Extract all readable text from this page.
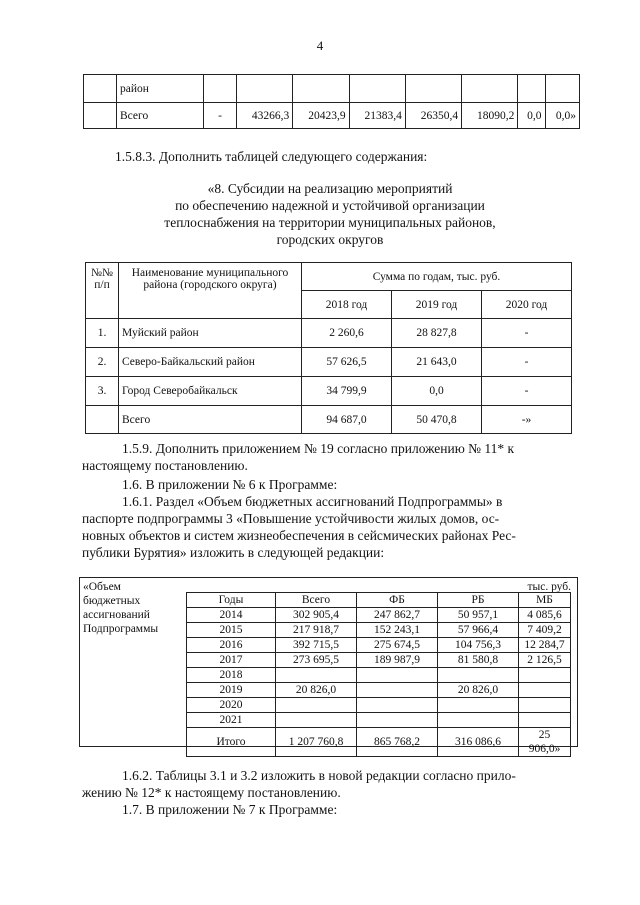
4
	район								
	Всего	-	43266,3	20423,9	21383,4	26350,4	18090,2	0,0	0,0»
1.5.8.3. Дополнить таблицей следующего содержания:
«8. Субсидии на реализацию мероприятий
по обеспечению надежной и устойчивой организации
теплоснабжения на территории муниципальных районов,
городских округов
№№ п/п	Наименование муниципального района (городского округа)	Сумма по годам, тыс. руб.		
		2018 год	2019 год	2020 год
1.	Муйский район	2 260,6	28 827,8	-
2.	Северо-Байкальский район	57 626,5	21 643,0	-
3.	Город Северобайкальск	34 799,9	0,0	-
	Всего	94 687,0	50 470,8	-»
1.5.9. Дополнить приложением № 19 согласно приложению № 11* к
настоящему постановлению.
1.6. В приложении № 6 к Программе:
1.6.1. Раздел «Объем бюджетных ассигнований Подпрограммы» в
паспорте подпрограммы 3 «Повышение устойчивости жилых домов, ос-
новных объектов и систем жизнеобеспечения в сейсмических районах Рес-
публики Бурятия» изложить в следующей редакции:
«Объем
бюджетных
ассигнований
Подпрограммы
тыс. руб.
Годы	Всего	ФБ	РБ	МБ
2014	302 905,4	247 862,7	50 957,1	4 085,6
2015	217 918,7	152 243,1	57 966,4	7 409,2
2016	392 715,5	275 674,5	104 756,3	12 284,7
2017	273 695,5	189 987,9	81 580,8	2 126,5
2018				
2019	20 826,0		20 826,0	
2020				
2021				
Итого	1 207 760,8	865 768,2	316 086,6	25 906,0»
1.6.2. Таблицы 3.1 и 3.2 изложить в новой редакции согласно прило-
жению № 12* к настоящему постановлению.
1.7. В приложении № 7 к Программе:
